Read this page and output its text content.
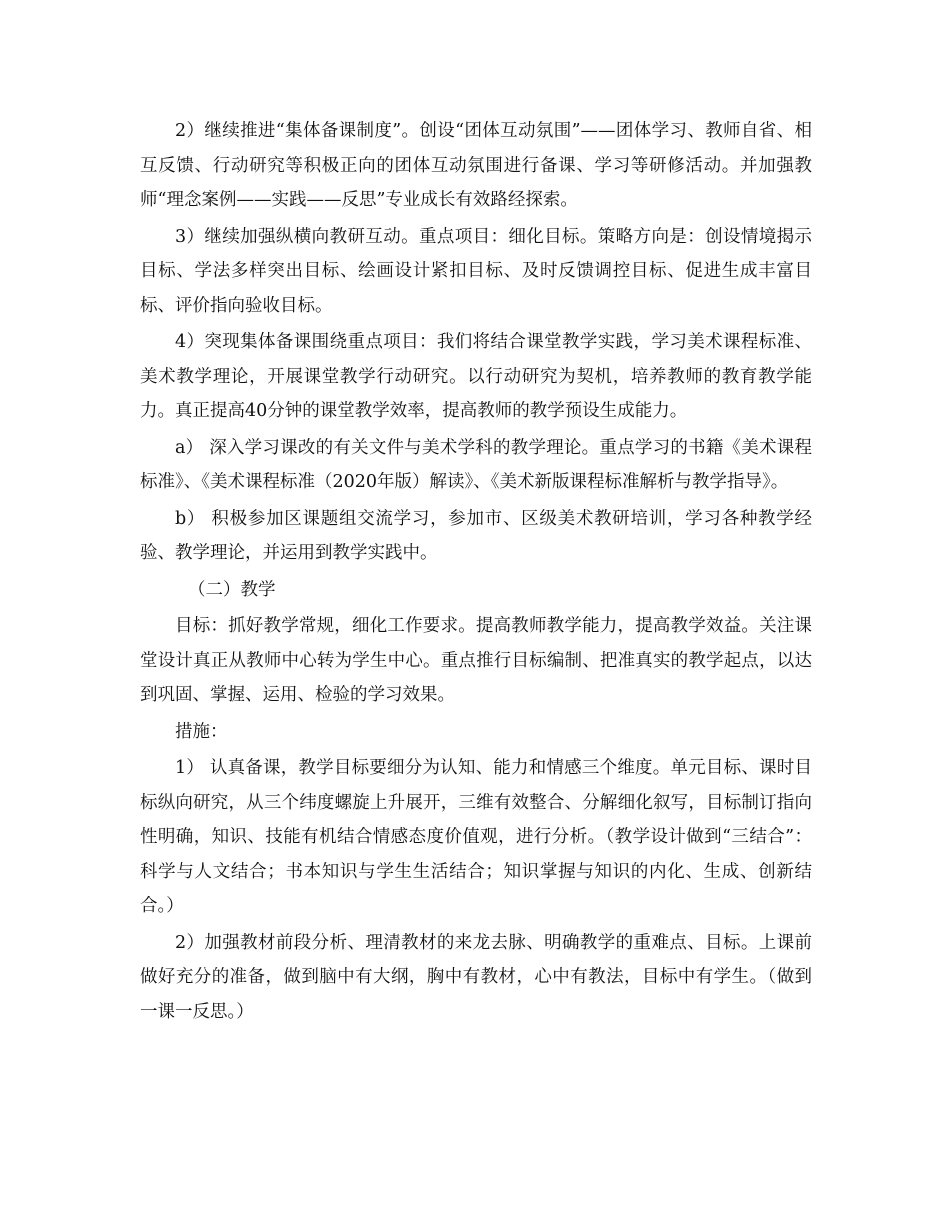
2）继续推进“集体备课制度”。创设“团体互动氛围”——团体学习、教师自省、相互反馈、行动研究等积极正向的团体互动氛围进行备课、学习等研修活动。并加强教师“理念案例——实践——反思”专业成长有效路经探索。

3）继续加强纵横向教研互动。重点项目：细化目标。策略方向是：创设情境揭示目标、学法多样突出目标、绘画设计紧扣目标、及时反馈调控目标、促进生成丰富目标、评价指向验收目标。

4）突现集体备课围绕重点项目：我们将结合课堂教学实践，学习美术课程标准、美术教学理论，开展课堂教学行动研究。以行动研究为契机，培养教师的教育教学能力。真正提高40分钟的课堂教学效率，提高教师的教学预设生成能力。

a） 深入学习课改的有关文件与美术学科的教学理论。重点学习的书籍《美术课程标准》、《美术课程标准（2020年版）解读》、《美术新版课程标准解析与教学指导》。

b） 积极参加区课题组交流学习，参加市、区级美术教研培训，学习各种教学经验、教学理论，并运用到教学实践中。

（二）教学

目标：抓好教学常规，细化工作要求。提高教师教学能力，提高教学效益。关注课堂设计真正从教师中心转为学生中心。重点推行目标编制、把准真实的教学起点，以达到巩固、掌握、运用、检验的学习效果。

措施：

1） 认真备课，教学目标要细分为认知、能力和情感三个维度。单元目标、课时目标纵向研究，从三个纬度螺旋上升展开，三维有效整合、分解细化叙写，目标制订指向性明确，知识、技能有机结合情感态度价值观，进行分析。（教学设计做到“三结合”：科学与人文结合；书本知识与学生生活结合；知识掌握与知识的内化、生成、创新结合。）

2）加强教材前段分析、理清教材的来龙去脉、明确教学的重难点、目标。上课前做好充分的准备，做到脑中有大纲，胸中有教材，心中有教法，目标中有学生。（做到一课一反思。）
